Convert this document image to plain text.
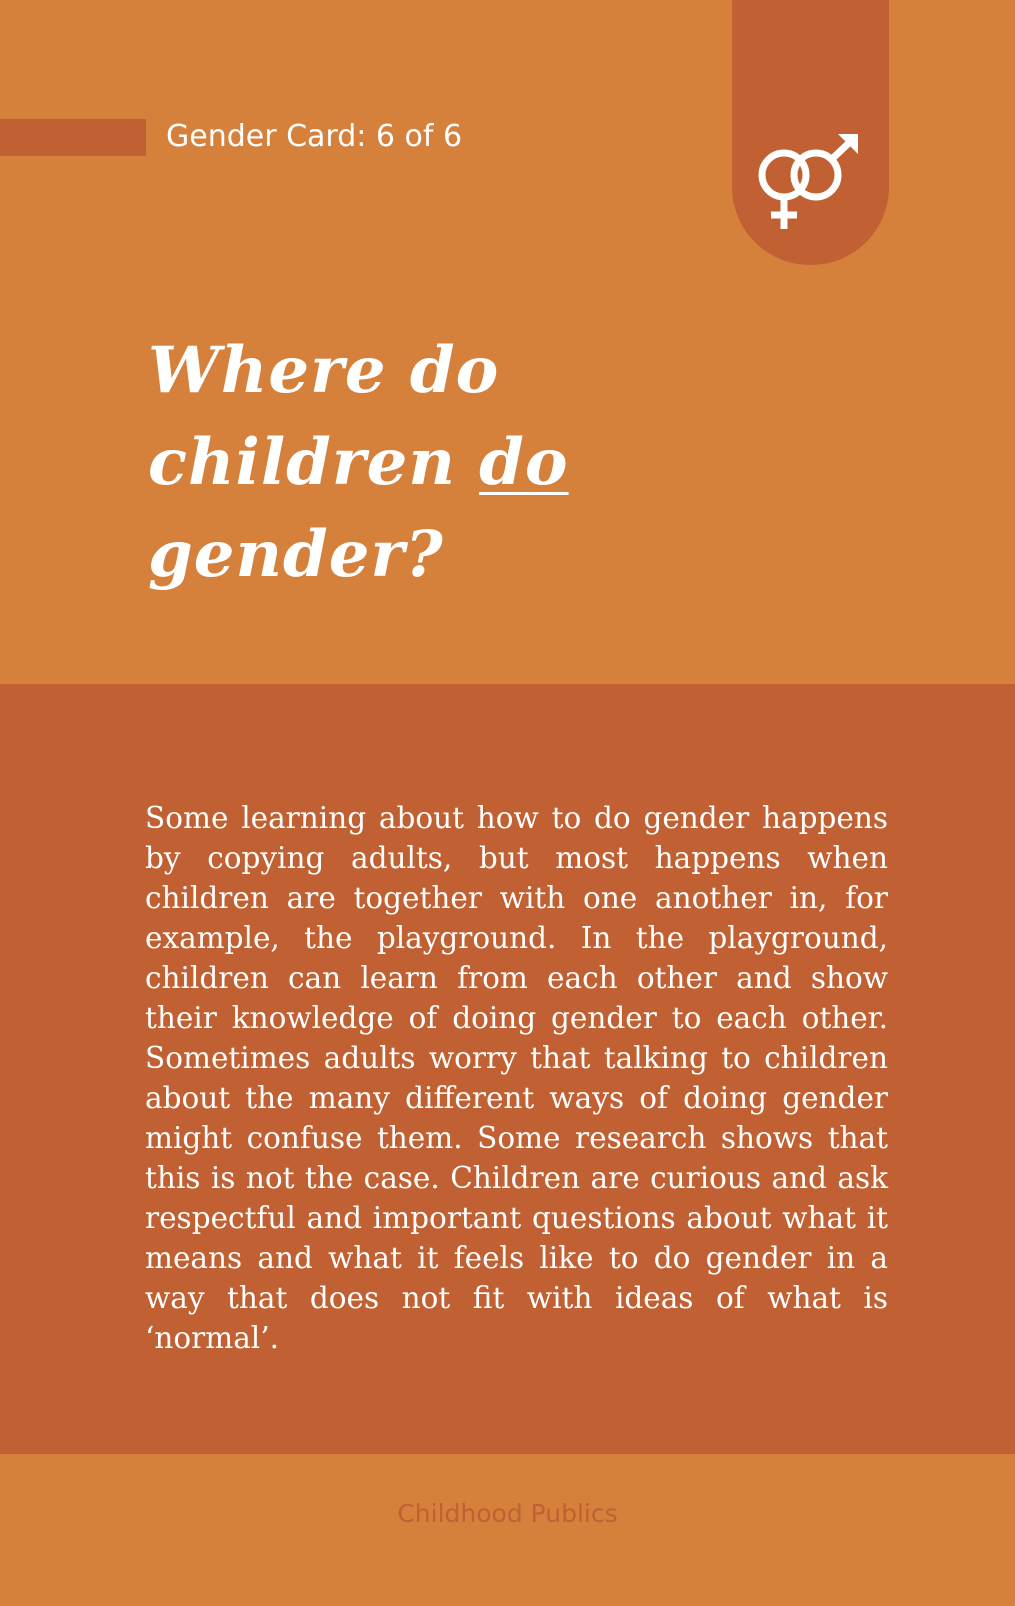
Gender Card: 6 of 6
Where do
children do
gender?

Some learning about how to do gender happens by copying adults, but most happens when children are together with one another in, for example, the playground. In the playground, children can learn from each other and show their knowledge of doing gender to each other. Sometimes adults worry that talking to children about the many different ways of doing gender might confuse them. Some research shows that this is not the case. Children are curious and ask respectful and important questions about what it means and what it feels like to do gender in a way that does not fit with ideas of what is ‘normal’.

Childhood Publics
